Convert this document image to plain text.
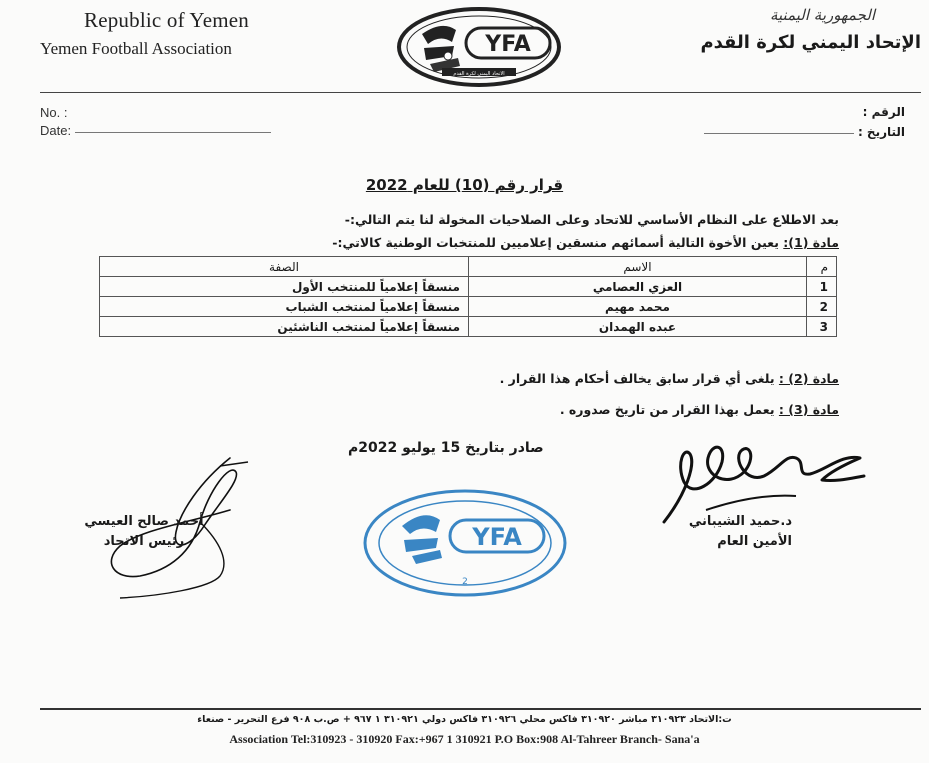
Republic of Yemen
Yemen Football Association	YFA
الاتحاد اليمني لكرة القدم
الجمهورية اليمنية
الإتحاد اليمني لكرة القدم
No. :
Date:
الرقم :
التاريخ :
قرار رقم (10) للعام 2022
بعد الاطلاع على النظام الأساسي للاتحاد وعلى الصلاحيات المخولة لنا يتم التالي:-
مادة (1): يعين الأخوة التالية أسمائهم منسقين إعلاميين للمنتخبات الوطنية كالاتي:-
م	الاسم	الصفة
1	العزي العصامي	منسقاً إعلامياً للمنتخب الأول
2	محمد مهيم	منسقاً إعلامياً لمنتخب الشباب
3	عبده الهمدان	منسقاً إعلامياً لمنتخب الناشئين
مادة (2) : يلغى أي قرار سابق يخالف أحكام هذا القرار .
مادة (3) : يعمل بهذا القرار من تاريخ صدوره .
صادر بتاريخ 15 يوليو 2022م
أحمد صالح العيسي
رئيس الاتحاد
د.حميد الشيباني
الأمين العام
YFA
2
ت:الاتحاد ٣١٠٩٢٣ مباشر ٣١٠٩٢٠ فاكس محلي ٣١٠٩٢٦ فاكس دولي ٣١٠٩٢١ ١ ٩٦٧ + ص.ب ٩٠٨ فرع التحرير - صنعاء
Association Tel:310923 - 310920 Fax:+967 1 310921 P.O Box:908 Al-Tahreer Branch- Sana'a
